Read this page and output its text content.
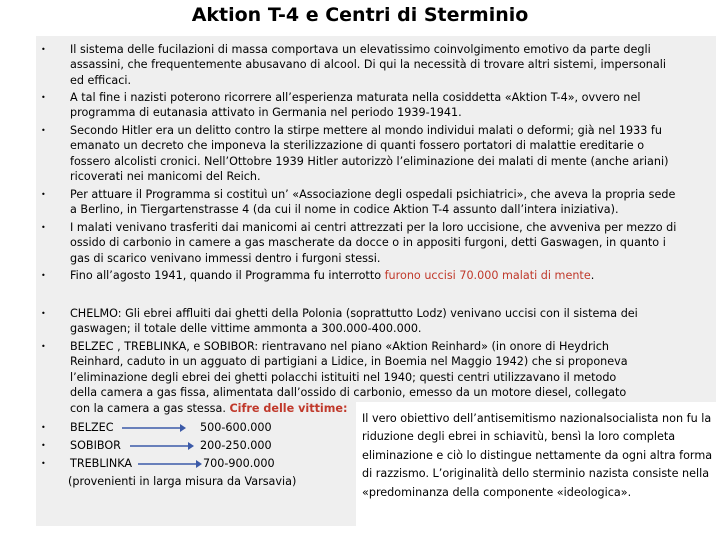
Aktion T-4 e Centri di Sterminio
• Il sistema delle fucilazioni di massa comportava un elevatissimo coinvolgimento emotivo da parte degli assassini, che frequentemente abusavano di alcool. Di qui la necessità di trovare altri sistemi, impersonali ed efficaci.
• A tal fine i nazisti poterono ricorrere all’esperienza maturata nella cosiddetta «Aktion T-4», ovvero nel programma di eutanasia attivato in Germania nel periodo 1939-1941.
• Secondo Hitler era un delitto contro la stirpe mettere al mondo individui malati o deformi; già nel 1933 fu emanato un decreto che imponeva la sterilizzazione di quanti fossero portatori di malattie ereditarie o fossero alcolisti cronici. Nell’Ottobre 1939 Hitler autorizzò l’eliminazione dei malati di mente (anche ariani) ricoverati nei manicomi del Reich.
• Per attuare il Programma si costituì un’ «Associazione degli ospedali psichiatrici», che aveva la propria sede a Berlino, in Tiergartenstrasse 4 (da cui il nome in codice Aktion T-4 assunto dall’intera iniziativa).
• I malati venivano trasferiti dai manicomi ai centri attrezzati per la loro uccisione, che avveniva per mezzo di ossido di carbonio in camere a gas mascherate da docce o in appositi furgoni, detti Gaswagen, in quanto i gas di scarico venivano immessi dentro i furgoni stessi.
• Fino all’agosto 1941, quando il Programma fu interrotto furono uccisi 70.000 malati di mente.
• CHELMO: Gli ebrei affluiti dai ghetti della Polonia (soprattutto Lodz) venivano uccisi con il sistema dei gaswagen; il totale delle vittime ammonta a 300.000-400.000.
• BELZEC , TREBLINKA, e SOBIBOR: rientravano nel piano «Aktion Reinhard» (in onore di Heydrich Reinhard, caduto in un agguato di partigiani a Lidice, in Boemia nel Maggio 1942) che si proponeva l’eliminazione degli ebrei dei ghetti polacchi istituiti nel 1940; questi centri utilizzavano il metodo della camera a gas fissa, alimentata dall’ossido di carbonio, emesso da un motore diesel, collegato con la camera a gas stessa. Cifre delle vittime:
• BELZEC	500-600.000
• SOBIBOR	200-250.000
• TREBLINKA	700-900.000
(provenienti in larga misura da Varsavia)
Il vero obiettivo dell’antisemitismo nazionalsocialista non fu la riduzione degli ebrei in schiavitù, bensì la loro completa eliminazione e ciò lo distingue nettamente da ogni altra forma di razzismo. L’originalità dello sterminio nazista consiste nella «predominanza della componente «ideologica».
